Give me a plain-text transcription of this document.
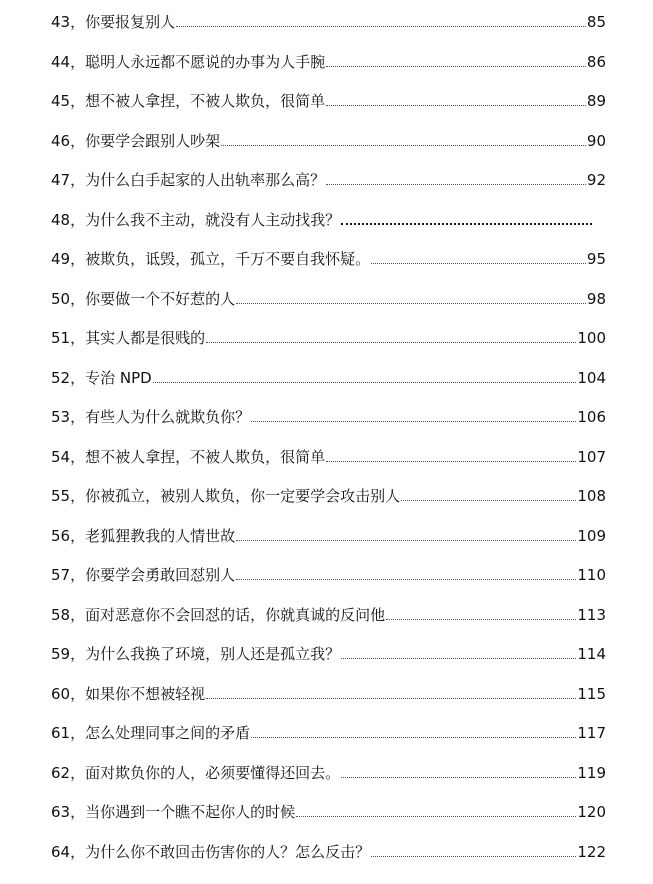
43， 你要报复别人	85
44， 聪明人永远都不愿说的办事为人手腕	86
45， 想不被人拿捏，不被人欺负，很简单	89
46， 你要学会跟别人吵架	90
47， 为什么白手起家的人出轨率那么高？	92
48， 为什么我不主动，就没有人主动找我？
49， 被欺负，诋毁，孤立，千万不要自我怀疑。	95
50， 你要做一个不好惹的人	98
51， 其实人都是很贱的	100
52， 专治 NPD	104
53， 有些人为什么就欺负你？	106
54， 想不被人拿捏，不被人欺负，很简单	107
55， 你被孤立，被别人欺负，你一定要学会攻击别人	108
56， 老狐狸教我的人情世故	109
57， 你要学会勇敢回怼别人	110
58， 面对恶意你不会回怼的话，你就真诚的反问他	113
59， 为什么我换了环境，别人还是孤立我？	114
60， 如果你不想被轻视	115
61， 怎么处理同事之间的矛盾	117
62， 面对欺负你的人，必须要懂得还回去。	119
63， 当你遇到一个瞧不起你人的时候	120
64， 为什么你不敢回击伤害你的人？怎么反击？	122
